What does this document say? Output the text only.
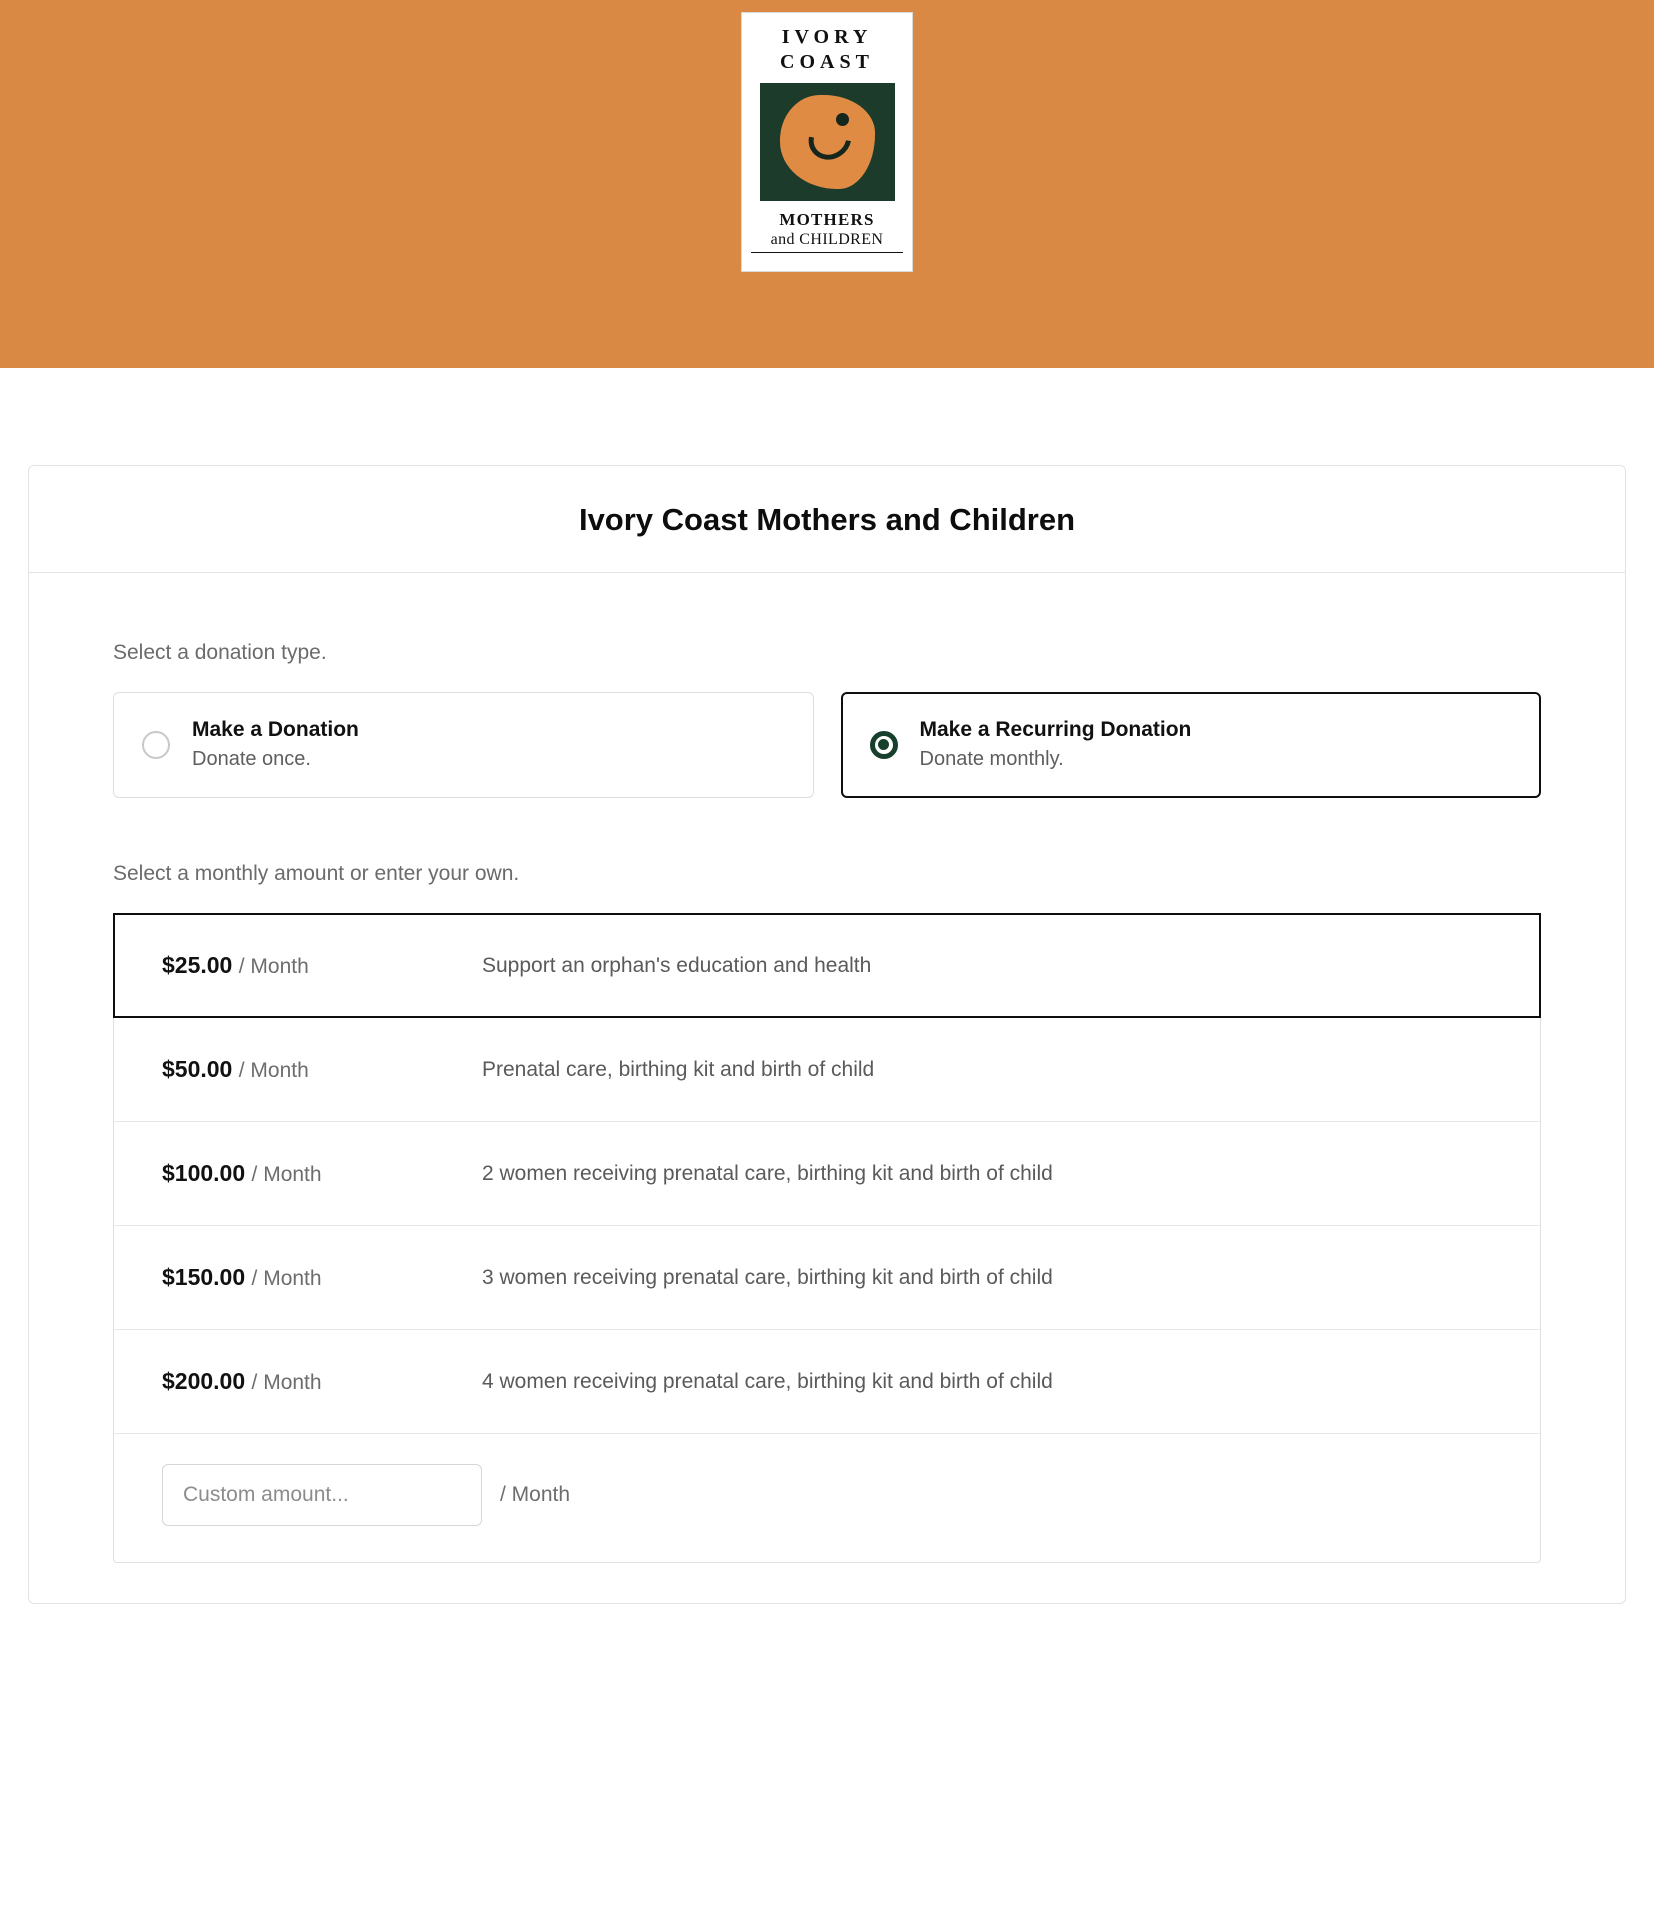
IVORY
COAST
MOTHERS
and CHILDREN
Ivory Coast Mothers and Children
Select a donation type.
Make a Donation
Donate once.
Make a Recurring Donation
Donate monthly.
Select a monthly amount or enter your own.
$25.00 / Month	Support an orphan's education and health
$50.00 / Month	Prenatal care, birthing kit and birth of child
$100.00 / Month	2 women receiving prenatal care, birthing kit and birth of child
$150.00 / Month	3 women receiving prenatal care, birthing kit and birth of child
$200.00 / Month	4 women receiving prenatal care, birthing kit and birth of child
Custom amount...
/ Month
